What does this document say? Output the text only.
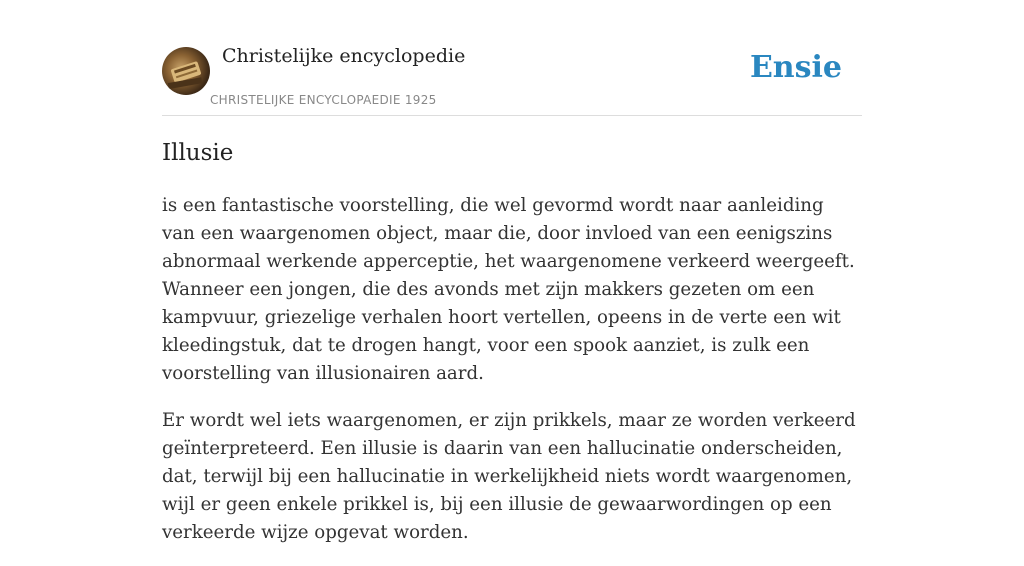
Christelijke encyclopedie
CHRISTELIJKE ENCYCLOPAEDIE 1925
Ensie
Illusie

is een fantastische voorstelling, die wel gevormd wordt naar aanleiding van een waargenomen object, maar die, door invloed van een eenigszins abnormaal werkende apperceptie, het waargenomene verkeerd weergeeft. Wanneer een jongen, die des avonds met zijn makkers gezeten om een kampvuur, griezelige verhalen hoort vertellen, opeens in de verte een wit kleedingstuk, dat te drogen hangt, voor een spook aanziet, is zulk een voorstelling van illusionairen aard.

Er wordt wel iets waargenomen, er zijn prikkels, maar ze worden verkeerd geïnterpreteerd. Een illusie is daarin van een hallucinatie onderscheiden, dat, terwijl bij een hallucinatie in werkelijkheid niets wordt waargenomen, wijl er geen enkele prikkel is, bij een illusie de gewaarwordingen op een verkeerde wijze opgevat worden.
